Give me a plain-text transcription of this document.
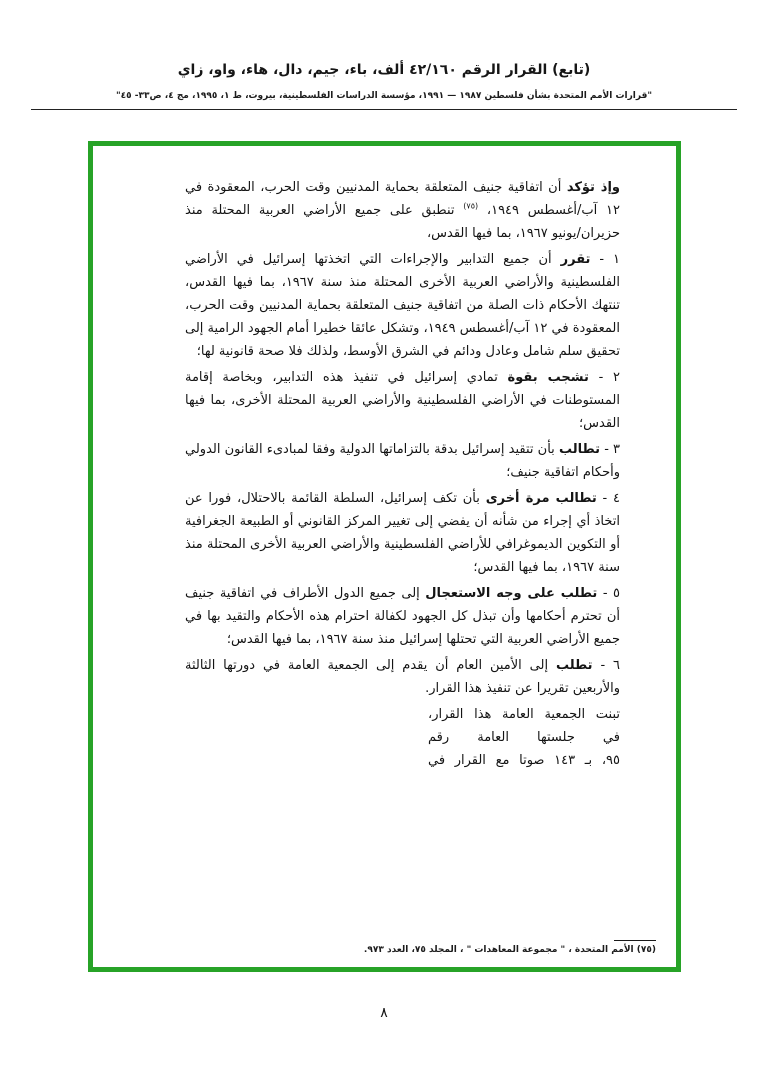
(تابع) القرار الرقم ٤٢/١٦٠ ألف، باء، جيم، دال، هاء، واو، زاي
"قرارات الأمم المتحدة بشأن فلسطين ١٩٨٧ — ١٩٩١، مؤسسة الدراسات الفلسطينية، بيروت، ط ١، ١٩٩٥، مج ٤، ص٣٣- ٤٥"

وإذ تؤكد أن اتفاقية جنيف المتعلقة بحماية المدنيين وقت الحرب، المعقودة في ١٢ آب/أغسطس ١٩٤٩، $^{(٧٥)}$ تنطبق على جميع الأراضي العربية المحتلة منذ حزيران/يونيو ١٩٦٧، بما فيها القدس،

١ - تقرر أن جميع التدابير والإجراءات التي اتخذتها إسرائيل في الأراضي الفلسطينية والأراضي العربية الأخرى المحتلة منذ سنة ١٩٦٧، بما فيها القدس، تنتهك الأحكام ذات الصلة من اتفاقية جنيف المتعلقة بحماية المدنيين وقت الحرب، المعقودة في ١٢ آب/أغسطس ١٩٤٩، وتشكل عائقا خطيرا أمام الجهود الرامية إلى تحقيق سلم شامل وعادل ودائم في الشرق الأوسط، ولذلك فلا صحة قانونية لها؛

٢ - تشجب بقوة تمادي إسرائيل في تنفيذ هذه التدابير، وبخاصة إقامة المستوطنات في الأراضي الفلسطينية والأراضي العربية المحتلة الأخرى، بما فيها القدس؛

٣ - تطالب بأن تتقيد إسرائيل بدقة بالتزاماتها الدولية وفقا لمبادىء القانون الدولي وأحكام اتفاقية جنيف؛

٤ - تطالب مرة أخرى بأن تكف إسرائيل، السلطة القائمة بالاحتلال، فورا عن اتخاذ أي إجراء من شأنه أن يفضي إلى تغيير المركز القانوني أو الطبيعة الجغرافية أو التكوين الديموغرافي للأراضي الفلسطينية والأراضي العربية الأخرى المحتلة منذ سنة ١٩٦٧، بما فيها القدس؛

٥ - تطلب على وجه الاستعجال إلى جميع الدول الأطراف في اتفاقية جنيف أن تحترم أحكامها وأن تبذل كل الجهود لكفالة احترام هذه الأحكام والتقيد بها في جميع الأراضي العربية التي تحتلها إسرائيل منذ سنة ١٩٦٧، بما فيها القدس؛

٦ - تطلب إلى الأمين العام أن يقدم إلى الجمعية العامة في دورتها الثالثة والأربعين تقريرا عن تنفيذ هذا القرار.

تبنت الجمعية العامة هذا القرار،
في جلستها العامة رقم
٩٥، بـ ١٤٣ صوتا مع القرار في
(٧٥) الأمم المتحدة ، " مجموعة المعاهدات " ، المجلد ٧٥، العدد ٩٧٣.
٨
